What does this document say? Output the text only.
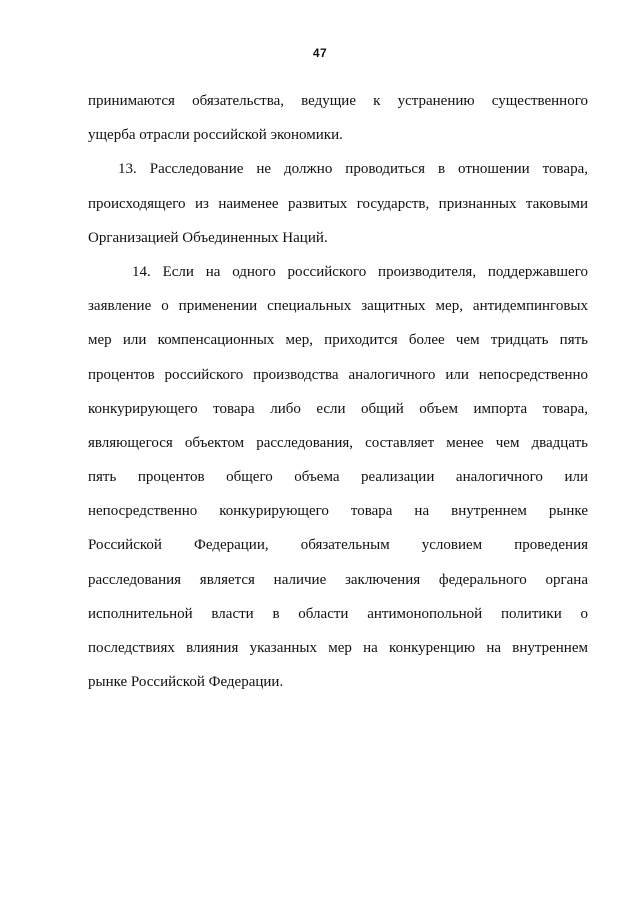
47
принимаются обязательства, ведущие к устранению существенного
ущерба отрасли российской экономики.
13. Расследование не должно проводиться в отношении товара,
происходящего из наименее развитых государств, признанных таковыми
Организацией Объединенных Наций.
14. Если на одного российского производителя, поддержавшего
заявление о применении специальных защитных мер, антидемпинговых
мер или компенсационных мер, приходится более чем тридцать пять
процентов российского производства аналогичного или непосредственно
конкурирующего товара либо если общий объем импорта товара,
являющегося объектом расследования, составляет менее чем двадцать
пять процентов общего объема реализации аналогичного или
непосредственно конкурирующего товара на внутреннем рынке
Российской Федерации, обязательным условием проведения
расследования является наличие заключения федерального органа
исполнительной власти в области антимонопольной политики о
последствиях влияния указанных мер на конкуренцию на внутреннем
рынке Российской Федерации.
